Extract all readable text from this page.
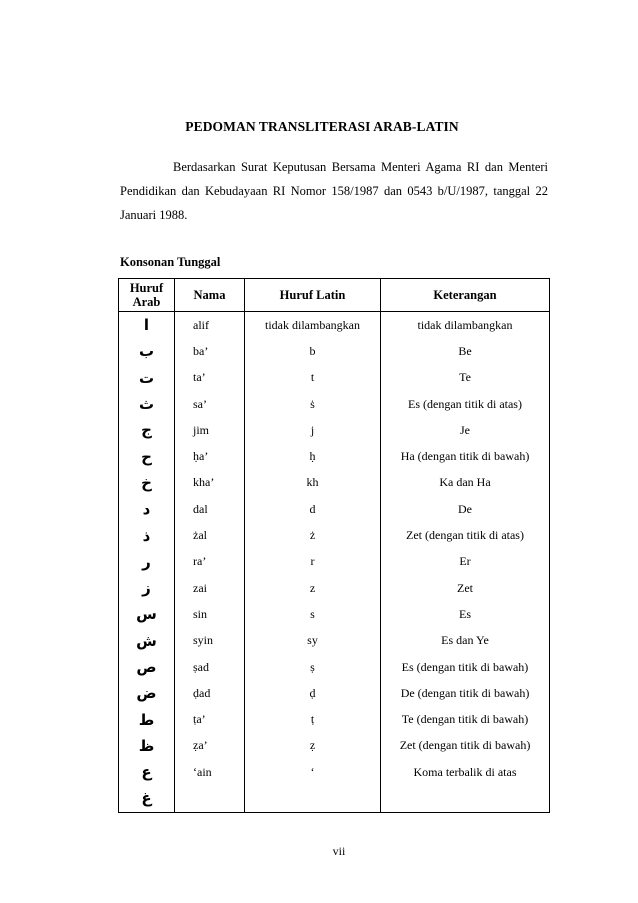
PEDOMAN TRANSLITERASI ARAB-LATIN
Berdasarkan Surat Keputusan Bersama Menteri Agama RI dan Menteri
Pendidikan dan Kebudayaan RI Nomor 158/1987 dan 0543 b/U/1987, tanggal 22
Januari 1988.
Konsonan Tunggal
Huruf Arab	Nama	Huruf Latin	Keterangan
ا	alif	tidak dilambangkan	tidak dilambangkan
ب	ba’	b	Be
ت	ta’	t	Te
ث	sa’	ṡ	Es (dengan titik di atas)
ج	jim	j	Je
ح	ḥa’	ḥ	Ha (dengan titik di bawah)
خ	kha’	kh	Ka dan Ha
د	dal	d	De
ذ	żal	ż	Zet (dengan titik di atas)
ر	ra’	r	Er
ز	zai	z	Zet
س	sin	s	Es
ش	syin	sy	Es dan Ye
ص	ṣad	ṣ	Es (dengan titik di bawah)
ض	ḍad	ḍ	De (dengan titik di bawah)
ط	ṭa’	ṭ	Te (dengan titik di bawah)
ظ	ẓa’	ẓ	Zet (dengan titik di bawah)
ع	‘ain	‘	Koma terbalik di atas
غ			
vii
